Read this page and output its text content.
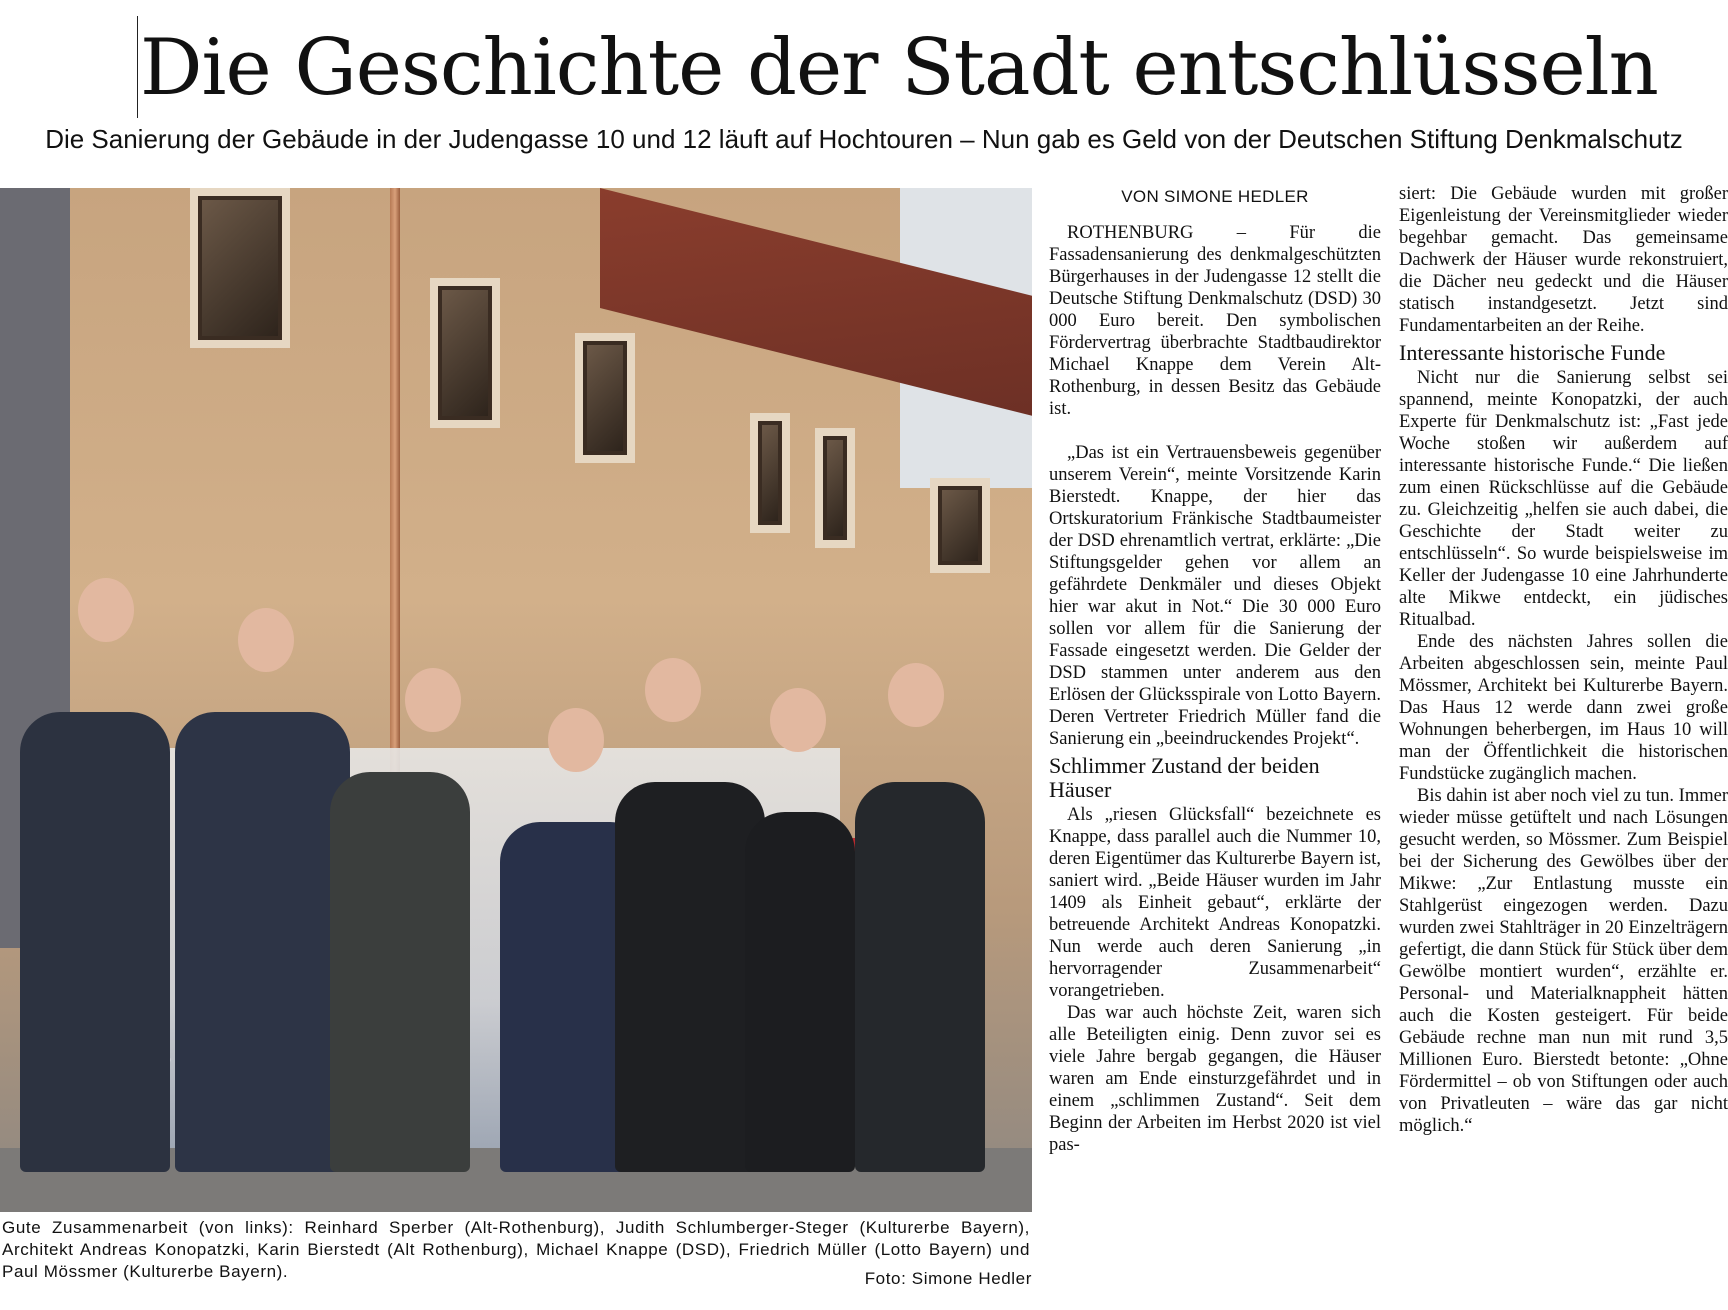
Die Geschichte der Stadt entschlüsseln
Die Sanierung der Gebäude in der Judengasse 10 und 12 läuft auf Hochtouren – Nun gab es Geld von der Deutschen Stiftung Denkmalschutz
Gute Zusammenarbeit (von links): Reinhard Sperber (Alt-Rothenburg), Judith Schlumberger-Steger (Kulturerbe Bayern), Architekt Andreas Konopatzki, Karin Bierstedt (Alt Rothenburg), Michael Knappe (DSD), Friedrich Müller (Lotto Bayern) und Paul Mössmer (Kulturerbe Bayern).	Foto: Simone Hedler
VON SIMONE HEDLER

ROTHENBURG – Für die Fassadensanierung des denkmalgeschützten Bürgerhauses in der Judengasse 12 stellt die Deutsche Stiftung Denkmalschutz (DSD) 30 000 Euro bereit. Den symbolischen Fördervertrag überbrachte Stadtbaudirektor Michael Knappe dem Verein Alt-Rothenburg, in dessen Besitz das Gebäude ist.

„Das ist ein Vertrauensbeweis gegenüber unserem Verein“, meinte Vorsitzende Karin Bierstedt. Knappe, der hier das Ortskuratorium Fränkische Stadtbaumeister der DSD ehrenamtlich vertrat, erklärte: „Die Stiftungsgelder gehen vor allem an gefährdete Denkmäler und dieses Objekt hier war akut in Not.“ Die 30 000 Euro sollen vor allem für die Sanierung der Fassade eingesetzt werden. Die Gelder der DSD stammen unter anderem aus den Erlösen der Glücksspirale von Lotto Bayern. Deren Vertreter Friedrich Müller fand die Sanierung ein „beeindruckendes Projekt“.

Schlimmer Zustand der beiden Häuser

Als „riesen Glücksfall“ bezeichnete es Knappe, dass parallel auch die Nummer 10, deren Eigentümer das Kulturerbe Bayern ist, saniert wird. „Beide Häuser wurden im Jahr 1409 als Einheit gebaut“, erklärte der betreuende Architekt Andreas Konopatzki. Nun werde auch deren Sanierung „in hervorragender Zusammenarbeit“ vorangetrieben.

Das war auch höchste Zeit, waren sich alle Beteiligten einig. Denn zuvor sei es viele Jahre bergab gegangen, die Häuser waren am Ende einsturzgefährdet und in einem „schlimmen Zustand“. Seit dem Beginn der Arbeiten im Herbst 2020 ist viel pas-

siert: Die Gebäude wurden mit großer Eigenleistung der Vereinsmitglieder wieder begehbar gemacht. Das gemeinsame Dachwerk der Häuser wurde rekonstruiert, die Dächer neu gedeckt und die Häuser statisch instandgesetzt. Jetzt sind Fundamentarbeiten an der Reihe.

Interessante historische Funde

Nicht nur die Sanierung selbst sei spannend, meinte Konopatzki, der auch Experte für Denkmalschutz ist: „Fast jede Woche stoßen wir außerdem auf interessante historische Funde.“ Die ließen zum einen Rückschlüsse auf die Gebäude zu. Gleichzeitig „helfen sie auch dabei, die Geschichte der Stadt weiter zu entschlüsseln“. So wurde beispielsweise im Keller der Judengasse 10 eine Jahrhunderte alte Mikwe entdeckt, ein jüdisches Ritualbad.

Ende des nächsten Jahres sollen die Arbeiten abgeschlossen sein, meinte Paul Mössmer, Architekt bei Kulturerbe Bayern. Das Haus 12 werde dann zwei große Wohnungen beherbergen, im Haus 10 will man der Öffentlichkeit die historischen Fundstücke zugänglich machen.

Bis dahin ist aber noch viel zu tun. Immer wieder müsse getüftelt und nach Lösungen gesucht werden, so Mössmer. Zum Beispiel bei der Sicherung des Gewölbes über der Mikwe: „Zur Entlastung musste ein Stahlgerüst eingezogen werden. Dazu wurden zwei Stahlträger in 20 Einzelträgern gefertigt, die dann Stück für Stück über dem Gewölbe montiert wurden“, erzählte er. Personal- und Materialknappheit hätten auch die Kosten gesteigert. Für beide Gebäude rechne man nun mit rund 3,5 Millionen Euro. Bierstedt betonte: „Ohne Fördermittel – ob von Stiftungen oder auch von Privatleuten – wäre das gar nicht möglich.“
